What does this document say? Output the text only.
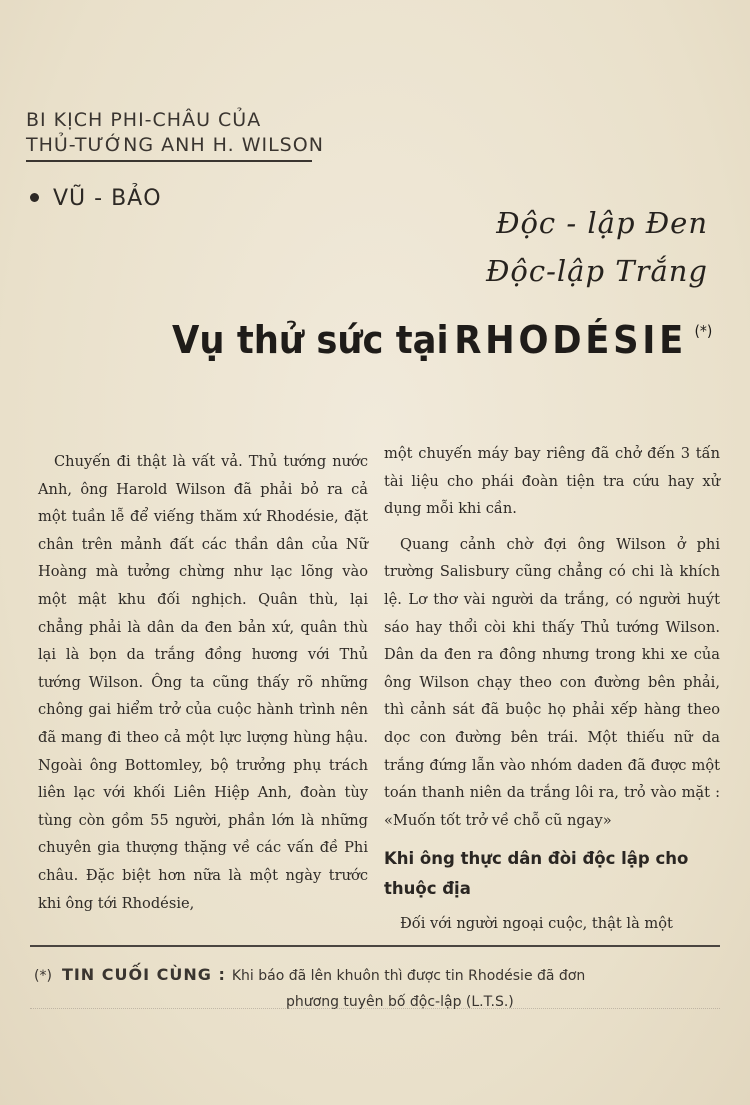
BI KỊCH PHI-CHÂU CỦA
THỦ-TƯỚNG ANH H. WILSON
VŨ - BẢO
Độc - lập Đen
Độc-lập Trắng
Vụ thử sức tại RHODÉSIE (*)

Chuyến đi thật là vất vả. Thủ tướng nước Anh, ông Harold Wilson đã phải bỏ ra cả một tuần lễ để viếng thăm xứ Rhodésie, đặt chân trên mảnh đất các thần dân của Nữ Hoàng mà tưởng chừng như lạc lõng vào một mật khu đối nghịch. Quân thù, lại chẳng phải là dân da đen bản xứ, quân thù lại là bọn da trắng đồng hương với Thủ tướng Wilson. Ông ta cũng thấy rõ những chông gai hiểm trở của cuộc hành trình nên đã mang đi theo cả một lực lượng hùng hậu. Ngoài ông Bottomley, bộ trưởng phụ trách liên lạc với khối Liên Hiệp Anh, đoàn tùy tùng còn gồm 55 người, phần lớn là những chuyên gia thượng thặng về các vấn đề Phi châu. Đặc biệt hơn nữa là một ngày trước khi ông tới Rhodésie,

một chuyến máy bay riêng đã chở đến 3 tấn tài liệu cho phái đoàn tiện tra cứu hay xử dụng mỗi khi cần.

Quang cảnh chờ đợi ông Wilson ở phi trường Salisbury cũng chẳng có chi là khích lệ. Lơ thơ vài người da trắng, có người huýt sáo hay thổi còi khi thấy Thủ tướng Wilson. Dân da đen ra đông nhưng trong khi xe của ông Wilson chạy theo con đường bên phải, thì cảnh sát đã buộc họ phải xếp hàng theo dọc con đường bên trái. Một thiếu nữ da trắng đứng lẫn vào nhóm daden đã được một toán thanh niên da trắng lôi ra, trỏ vào mặt : «Muốn tốt trở về chỗ cũ ngay»

Khi ông thực dân đòi độc lập cho thuộc địa

Đối với người ngoại cuộc, thật là một

(*) TIN CUỐI CÙNG : Khi báo đã lên khuôn thì được tin Rhodésie đã đơn
phương tuyên bố độc-lập (L.T.S.)
